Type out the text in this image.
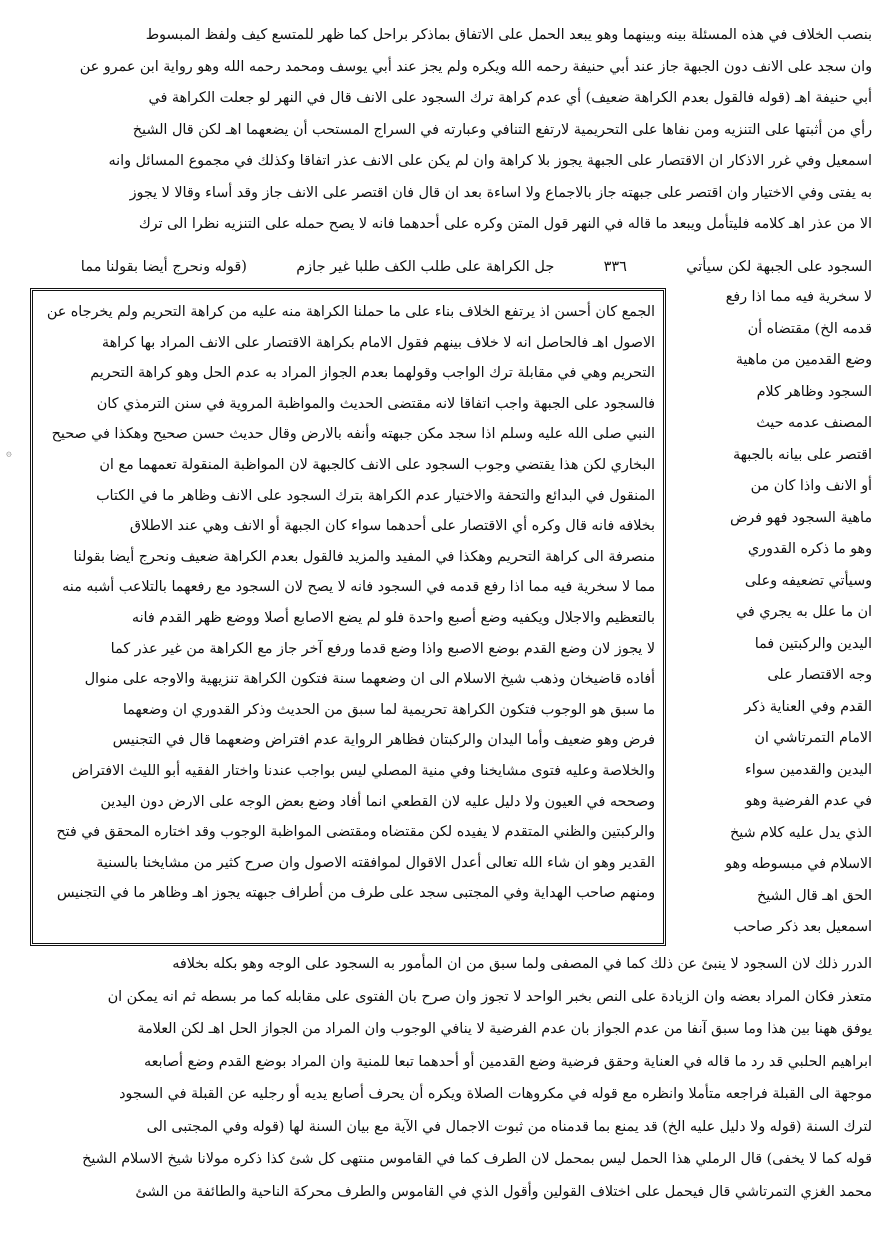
۞
بنصب الخلاف في هذه المسئلة بينه وبينهما وهو يبعد الحمل على الاتفاق بماذكر براحل كما ظهر للمتسع كيف ولفظ المبسوط
وان سجد على الانف دون الجبهة جاز عند أبي حنيفة رحمه الله ويكره ولم يجز عند أبي يوسف ومحمد رحمه الله وهو رواية ابن عمرو عن
أبي حنيفة اهـ (قوله فالقول بعدم الكراهة ضعيف) أي عدم كراهة ترك السجود على الانف قال في النهر لو جعلت الكراهة في
رأي من أثبتها على التنزيه ومن نفاها على التحريمية لارتفع التنافي وعبارته في السراج المستحب أن يضعهما اهـ لكن قال الشيخ
اسمعيل وفي غرر الاذكار ان الاقتصار على الجبهة يجوز بلا كراهة وان لم يكن على الانف عذر اتفاقا وكذلك في مجموع المسائل وانه
به يفتى وفي الاختيار وان اقتصر على جبهته جاز بالاجماع ولا اساءة بعد ان قال فان اقتصر على الانف جاز وقد أساء وقالا لا يجوز
الا من عذر اهـ كلامه فليتأمل ويبعد ما قاله في النهر قول المتن وكره على أحدهما فانه لا يصح حمله على التنزيه نظرا الى ترك
السجود على الجبهة لكن سيأتي  ٣٣٦  جل الكراهة على طلب الكف طلبا غير جازم  (قوله ونحرج أيضا بقولنا مما
لا سخرية فيه مما اذا رفع
قدمه الخ) مقتضاه أن
وضع القدمين من ماهية
السجود وظاهر كلام
المصنف عدمه حيث
اقتصر على بيانه بالجبهة
أو الانف واذا كان من
ماهية السجود فهو فرض
وهو ما ذكره القدوري
وسيأتي تضعيفه وعلى
ان ما علل به يجري في
اليدين والركبتين فما
وجه الاقتصار على
القدم وفي العناية ذكر
الامام التمرتاشي ان
اليدين والقدمين سواء
في عدم الفرضية وهو
الذي يدل عليه كلام شيخ
الاسلام في مبسوطه وهو
الحق اهـ قال الشيخ
اسمعيل بعد ذكر صاحب
الجمع كان أحسن اذ يرتفع الخلاف بناء على ما حملنا الكراهة منه عليه من كراهة التحريم ولم يخرجاه عن
الاصول اهـ فالحاصل انه لا خلاف بينهم فقول الامام بكراهة الاقتصار على الانف المراد بها كراهة
التحريم وهي في مقابلة ترك الواجب وقولهما بعدم الجواز المراد به عدم الحل وهو كراهة التحريم
فالسجود على الجبهة واجب اتفاقا لانه مقتضى الحديث والمواظبة المروية في سنن الترمذي كان
النبي صلى الله عليه وسلم اذا سجد مكن جبهته وأنفه بالارض وقال حديث حسن صحيح وهكذا في صحيح
البخاري لكن هذا يقتضي وجوب السجود على الانف كالجبهة لان المواظبة المنقولة تعمهما مع ان
المنقول في البدائع والتحفة والاختيار عدم الكراهة بترك السجود على الانف وظاهر ما في الكتاب
بخلافه فانه قال وكره أي الاقتصار على أحدهما سواء كان الجبهة أو الانف وهي عند الاطلاق
منصرفة الى كراهة التحريم وهكذا في المفيد والمزيد فالقول بعدم الكراهة ضعيف ونحرج أيضا بقولنا
مما لا سخرية فيه مما اذا رفع قدمه في السجود فانه لا يصح لان السجود مع رفعهما بالتلاعب أشبه منه
بالتعظيم والاجلال ويكفيه وضع أصبع واحدة فلو لم يضع الاصابع أصلا ووضع ظهر القدم فانه
لا يجوز لان وضع القدم بوضع الاصبع واذا وضع قدما ورفع آخر جاز مع الكراهة من غير عذر كما
أفاده قاضيخان وذهب شيخ الاسلام الى ان وضعهما سنة فتكون الكراهة تنزيهية والاوجه على منوال
ما سبق هو الوجوب فتكون الكراهة تحريمية لما سبق من الحديث وذكر القدوري ان وضعهما
فرض وهو ضعيف وأما اليدان والركبتان فظاهر الرواية عدم افتراض وضعهما قال في التجنيس
والخلاصة وعليه فتوى مشايخنا وفي منية المصلي ليس بواجب عندنا واختار الفقيه أبو الليث الافتراض
وصححه في العيون ولا دليل عليه لان القطعي انما أفاد وضع بعض الوجه على الارض دون اليدين
والركبتين والظني المتقدم لا يفيده لكن مقتضاه ومقتضى المواظبة الوجوب وقد اختاره المحقق في فتح
القدير وهو ان شاء الله تعالى أعدل الاقوال لموافقته الاصول وان صرح كثير من مشايخنا بالسنية
ومنهم صاحب الهداية وفي المجتبى سجد على طرف من أطراف جبهته يجوز اهـ وظاهر ما في التجنيس
الدرر ذلك لان السجود لا ينبئ عن ذلك كما في المصفى ولما سبق من ان المأمور به السجود على الوجه وهو بكله بخلافه
متعذر فكان المراد بعضه وان الزيادة على النص بخبر الواحد لا تجوز وان صرح بان الفتوى على مقابله كما مر بسطه ثم انه يمكن ان
يوفق ههنا بين هذا وما سبق آنفا من عدم الجواز بان عدم الفرضية لا ينافي الوجوب وان المراد من الجواز الحل اهـ لكن العلامة
ابراهيم الحلبي قد رد ما قاله في العناية وحقق فرضية وضع القدمين أو أحدهما تبعا للمنية وان المراد بوضع القدم وضع أصابعه
موجهة الى القبلة فراجعه متأملا وانظره مع قوله في مكروهات الصلاة ويكره أن يحرف أصابع يديه أو رجليه عن القبلة في السجود
لترك السنة (قوله ولا دليل عليه الخ) قد يمنع بما قدمناه من ثبوت الاجمال في الآية مع بيان السنة لها (قوله وفي المجتبى الى
قوله كما لا يخفى) قال الرملي هذا الحمل ليس بمحمل لان الطرف كما في القاموس منتهى كل شئ كذا ذكره مولانا شيخ الاسلام الشيخ
محمد الغزي التمرتاشي قال فيحمل على اختلاف القولين وأقول الذي في القاموس والطرف محركة الناحية والطائفة من الشئ
